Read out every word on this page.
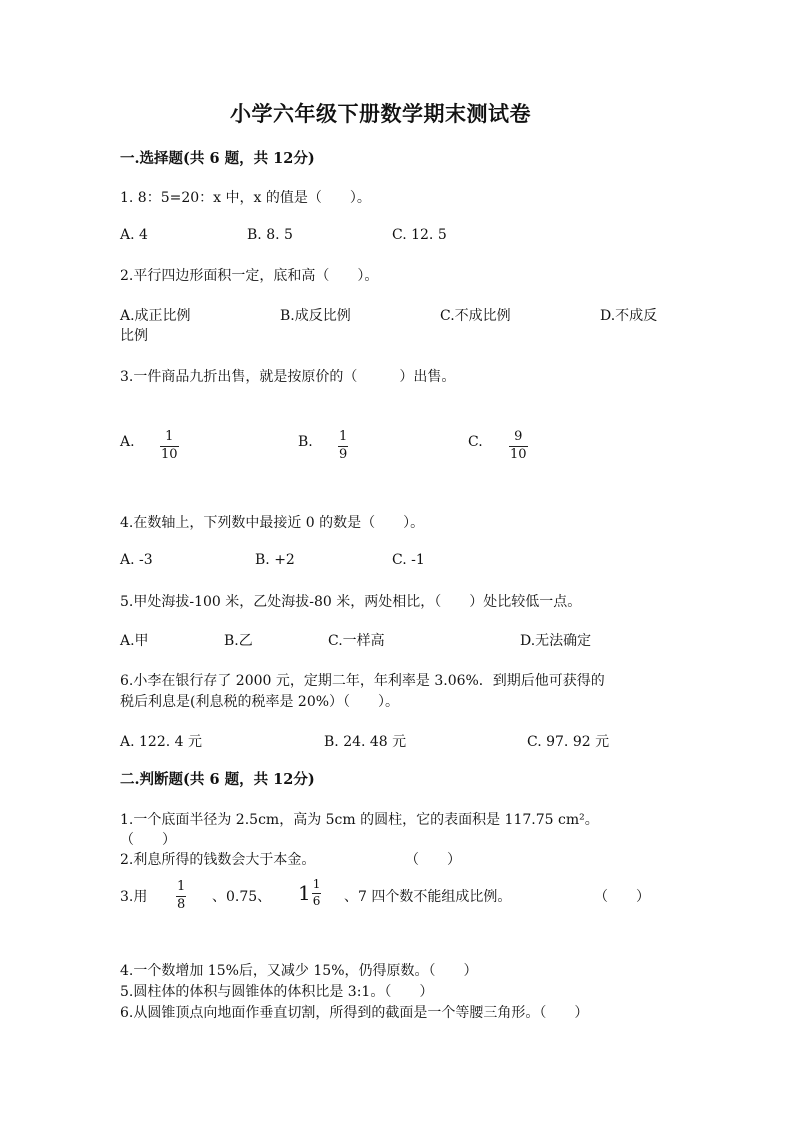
小学六年级下册数学期末测试卷
一.选择题(共 6 题，共 12分)
1. 8：5=20：x 中，x 的值是（　　）。
A. 4	B. 8. 5	C. 12. 5
2.平行四边形面积一定，底和高（　　）。
A.成正比例	B.成反比例	C.不成比例	D.不成反
比例
3.一件商品九折出售，就是按原价的（　　　）出售。
A. 1
10
B. 1
9
C. 9
10
4.在数轴上，下列数中最接近 0 的数是（　　）。
A. -3	B. +2	C. -1
5.甲处海拔-100 米，乙处海拔-80 米，两处相比，（　　）处比较低一点。
A.甲	B.乙	C.一样高	D.无法确定
6.小李在银行存了 2000 元，定期二年，年利率是 3.06%．到期后他可获得的
税后利息是(利息税的税率是 20%）（　　）。
A. 122. 4 元	B. 24. 48 元	C. 97. 92 元
二.判断题(共 6 题，共 12分)
1.一个底面半径为 2.5cm，高为 5cm 的圆柱，它的表面积是 117.75 cm²。
（　　）
2.利息所得的钱数会大于本金。	（　　）
3.用
1
8 、0.75、 $1 \frac{1}{6}$ 、7 四个数不能组成比例。	（　　）
4.一个数增加 15%后，又减少 15%，仍得原数。（　　）
5.圆柱体的体积与圆锥体的体积比是 3:1。（　　）
6.从圆锥顶点向地面作垂直切割，所得到的截面是一个等腰三角形。（　　）
